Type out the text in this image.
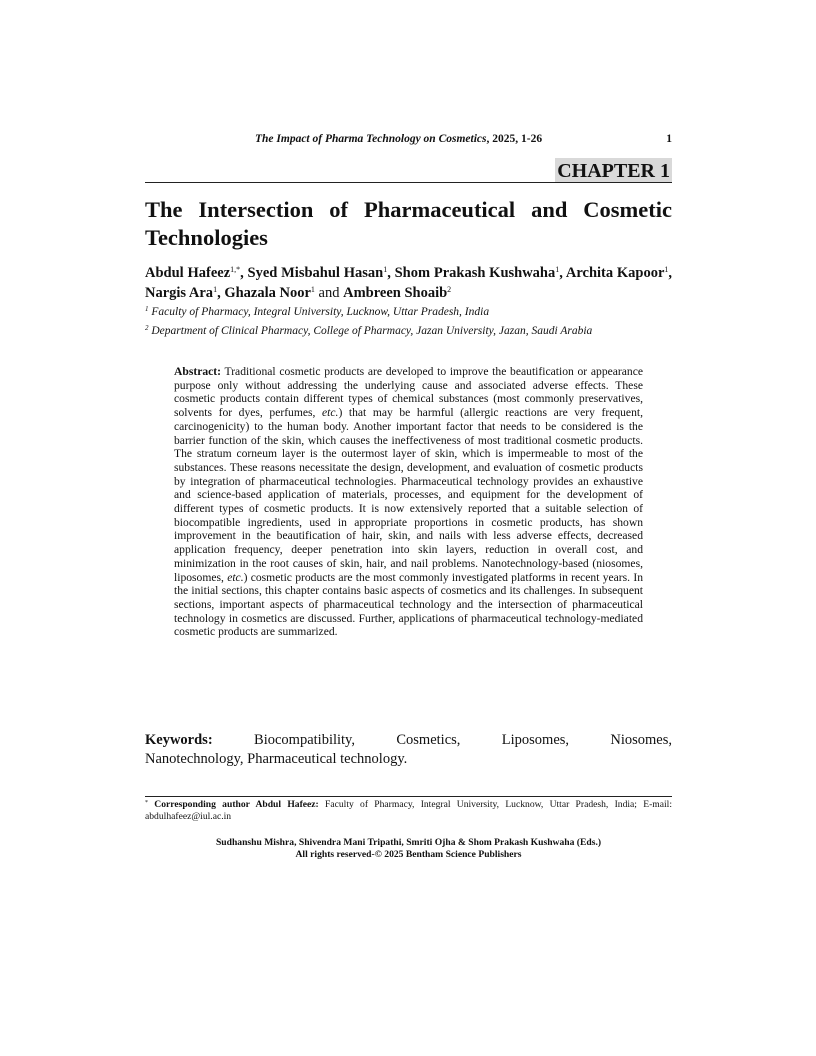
The Impact of Pharma Technology on Cosmetics, 2025, 1-26	1
CHAPTER 1
The Intersection of Pharmaceutical and Cosmetic
Technologies
Abdul Hafeez$^{1,*}$, Syed Misbahul Hasan$^1$, Shom Prakash Kushwaha$^1$, Archita Kapoor$^1$, Nargis Ara$^1$, Ghazala Noor$^1$ and Ambreen Shoaib$^2$
$^1$ Faculty of Pharmacy, Integral University, Lucknow, Uttar Pradesh, India
$^2$ Department of Clinical Pharmacy, College of Pharmacy, Jazan University, Jazan, Saudi Arabia
Abstract: Traditional cosmetic products are developed to improve the beautification or appearance purpose only without addressing the underlying cause and associated adverse effects. These cosmetic products contain different types of chemical substances (most commonly preservatives, solvents for dyes, perfumes, etc.) that may be harmful (allergic reactions are very frequent, carcinogenicity) to the human body. Another important factor that needs to be considered is the barrier function of the skin, which causes the ineffectiveness of most traditional cosmetic products. The stratum corneum layer is the outermost layer of skin, which is impermeable to most of the substances. These reasons necessitate the design, development, and evaluation of cosmetic products by integration of pharmaceutical technologies. Pharmaceutical technology provides an exhaustive and science-based application of materials, processes, and equipment for the development of different types of cosmetic products. It is now extensively reported that a suitable selection of biocompatible ingredients, used in appropriate proportions in cosmetic products, has shown improvement in the beautification of hair, skin, and nails with less adverse effects, decreased application frequency, deeper penetration into skin layers, reduction in overall cost, and minimization in the root causes of skin, hair, and nail problems. Nanotechnology-based (niosomes, liposomes, etc.) cosmetic products are the most commonly investigated platforms in recent years. In the initial sections, this chapter contains basic aspects of cosmetics and its challenges. In subsequent sections, important aspects of pharmaceutical technology and the intersection of pharmaceutical technology in cosmetics are discussed. Further, applications of pharmaceutical technology-mediated cosmetic products are summarized.
Keywords:	Biocompatibility,	Cosmetics,	Liposomes,	Niosomes,
Nanotechnology, Pharmaceutical technology.
* Corresponding author Abdul Hafeez: Faculty of Pharmacy, Integral University, Lucknow, Uttar Pradesh, India; E-mail: abdulhafeez@iul.ac.in
Sudhanshu Mishra, Shivendra Mani Tripathi, Smriti Ojha & Shom Prakash Kushwaha (Eds.)
All rights reserved-© 2025 Bentham Science Publishers
